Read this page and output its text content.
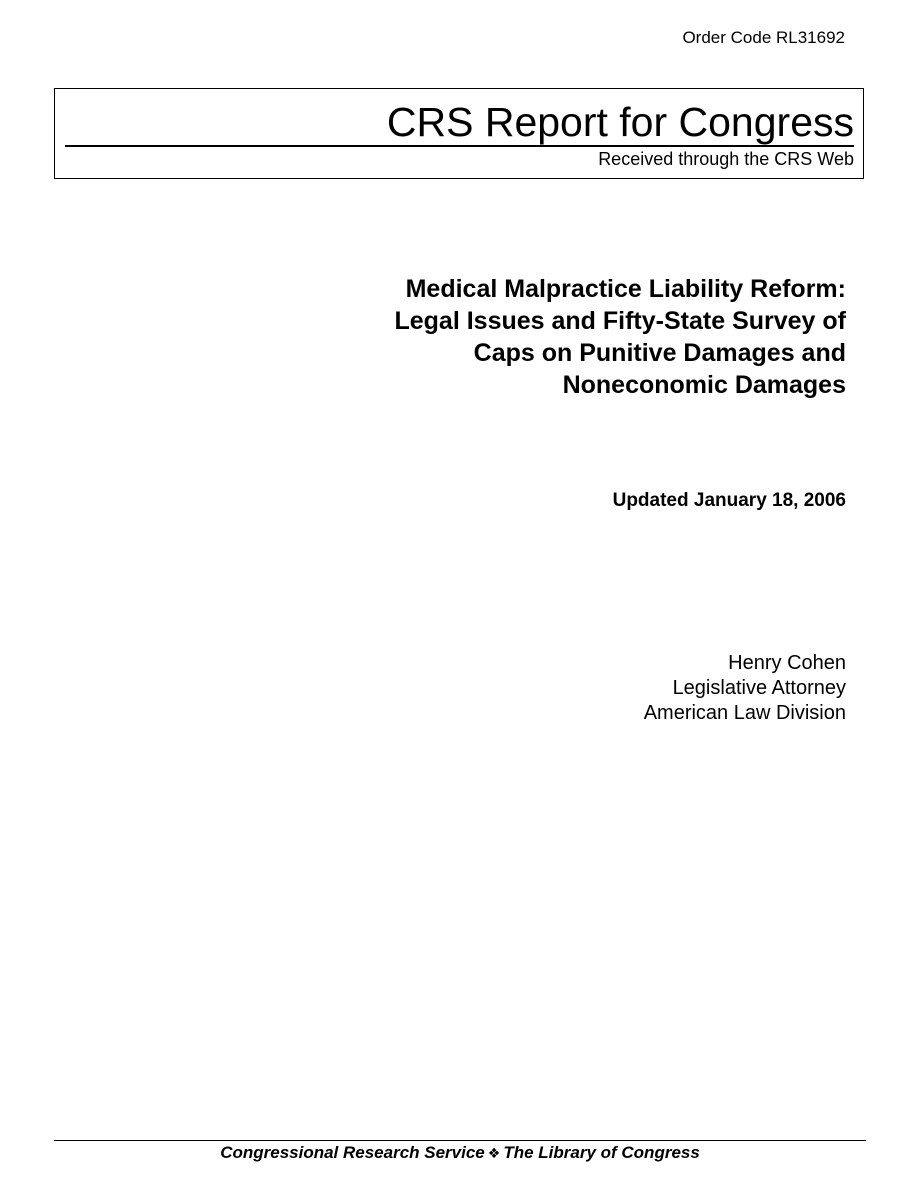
Order Code RL31692
CRS Report for Congress
Received through the CRS Web
Medical Malpractice Liability Reform:
Legal Issues and Fifty-State Survey of
Caps on Punitive Damages and
Noneconomic Damages
Updated January 18, 2006
Henry Cohen
Legislative Attorney
American Law Division
Congressional Research Service ❖ The Library of Congress
